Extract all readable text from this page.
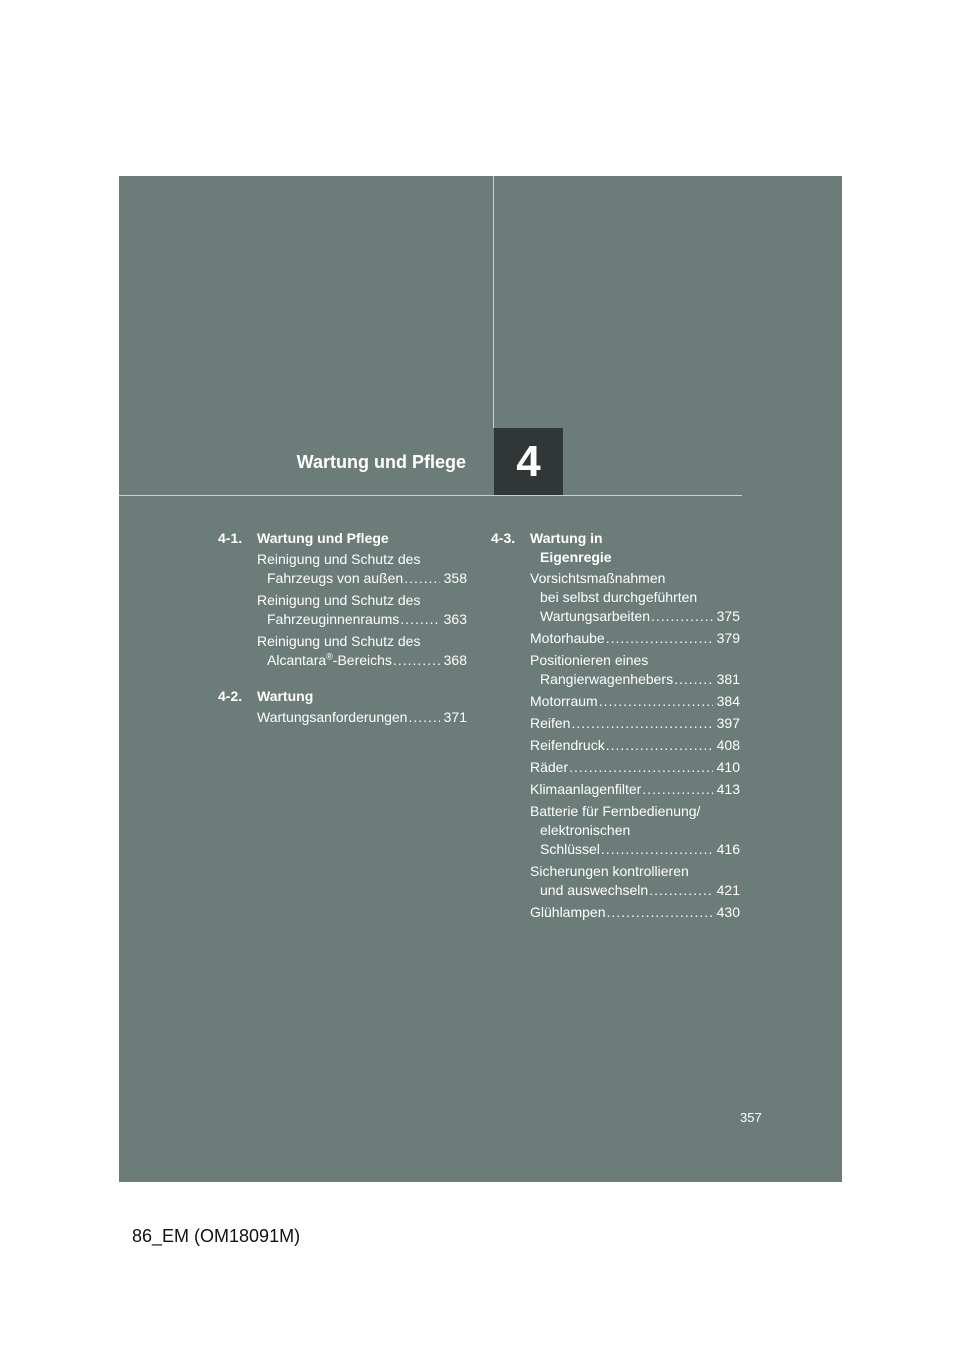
Wartung und Pflege 4
4-1.	Wartung und Pflege
Reinigung und Schutz des
Fahrzeugs von außen .....	358
Reinigung und Schutz des
Fahrzeuginnenraums .....	363
Reinigung und Schutz des
Alcantara®-Bereichs .....	368
4-2.	Wartung
Wartungsanforderungen .....	371
4-3.	Wartung in
Eigenregie
Vorsichtsmaßnahmen
bei selbst durchgeführten
Wartungsarbeiten .....	375
Motorhaube .....	379
Positionieren eines
Rangierwagenhebers .....	381
Motorraum .....	384
Reifen .....	397
Reifendruck .....	408
Räder .....	410
Klimaanlagenfilter .....	413
Batterie für Fernbedienung/
elektronischen
Schlüssel .....	416
Sicherungen kontrollieren
und auswechseln .....	421
Glühlampen .....	430
357
86_EM (OM18091M)
